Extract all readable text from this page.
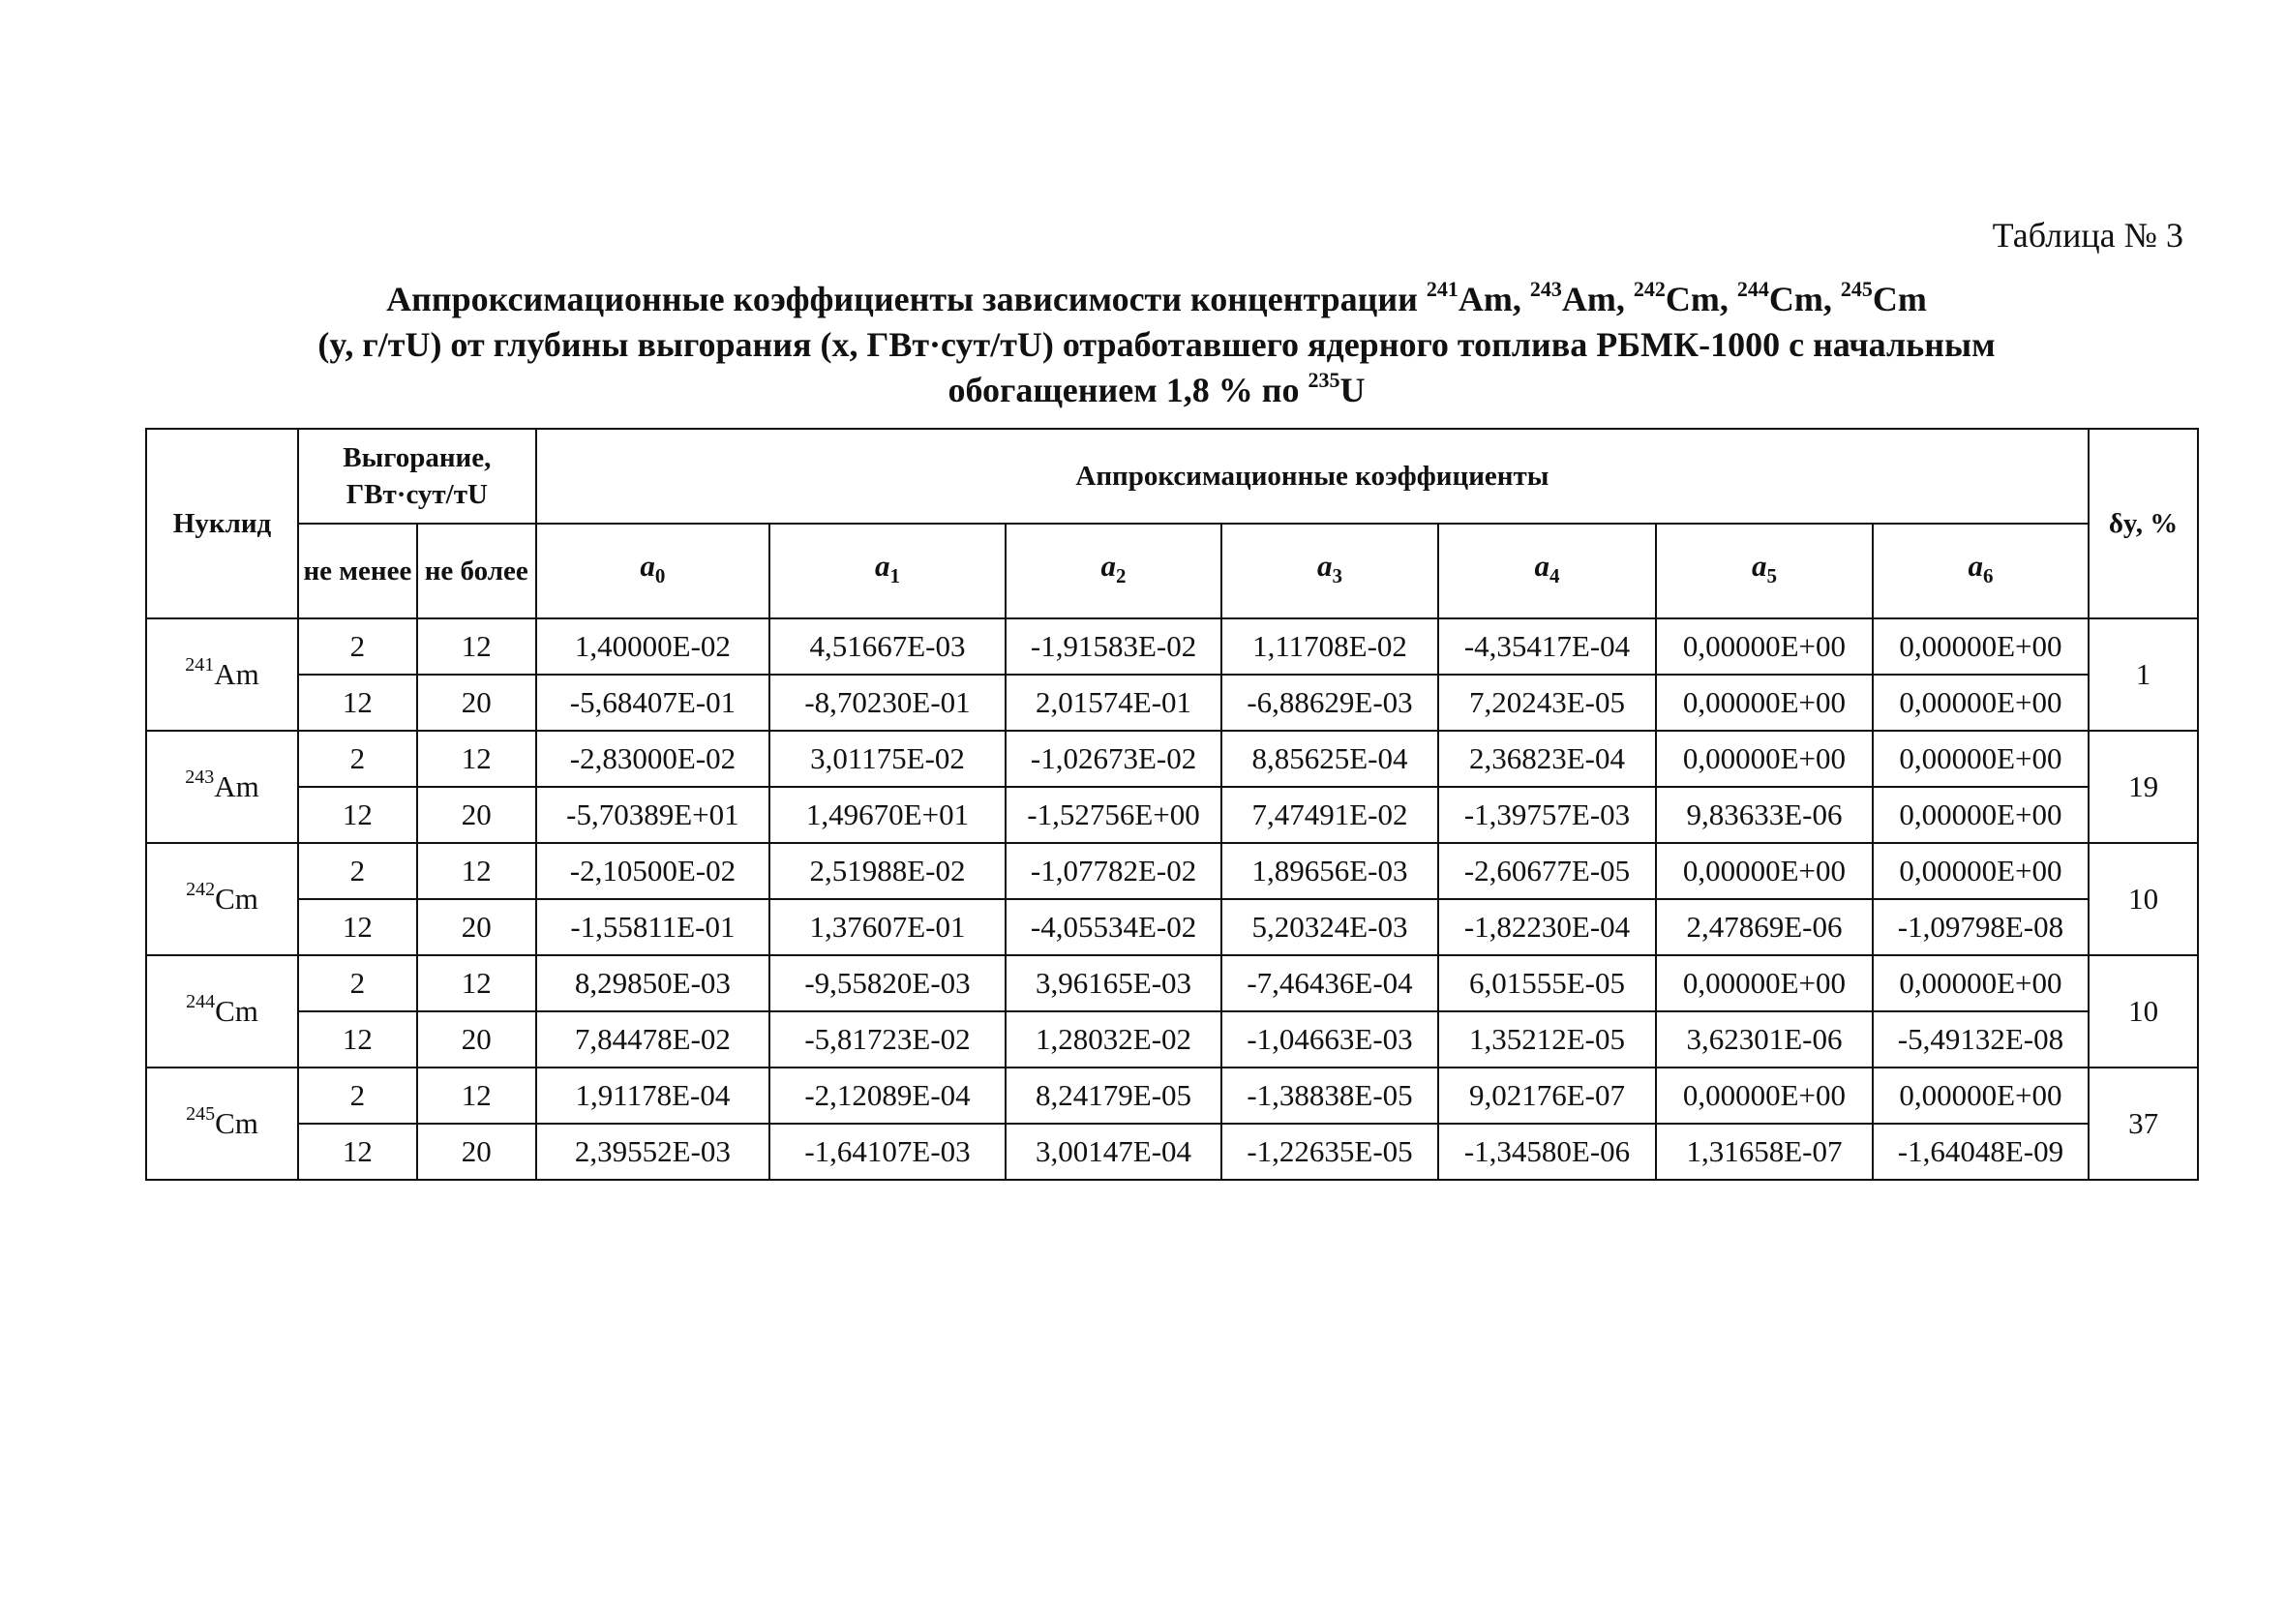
Таблица № 3
Аппроксимационные коэффициенты зависимости концентрации $^{241}$Am, $^{243}$Am, $^{242}$Cm, $^{244}$Cm, $^{245}$Cm
(y, г/тU) от глубины выгорания (x, ГВт·сут/тU) отработавшего ядерного топлива РБМК-1000 с начальным
обогащением 1,8 % по $^{235}$U
Нуклид	Выгорание, ГВт·сут/тU		Аппроксимационные коэффициенты							δy, %
	не менее	не более	$a_0$	$a_1$	$a_2$	$a_3$	$a_4$	$a_5$	$a_6$
$^{241}$Am	2	12	1,40000E-02	4,51667E-03	-1,91583E-02	1,11708E-02	-4,35417E-04	0,00000E+00	0,00000E+00	1
	12	20	-5,68407E-01	-8,70230E-01	2,01574E-01	-6,88629E-03	7,20243E-05	0,00000E+00	0,00000E+00	
$^{243}$Am	2	12	-2,83000E-02	3,01175E-02	-1,02673E-02	8,85625E-04	2,36823E-04	0,00000E+00	0,00000E+00	19
	12	20	-5,70389E+01	1,49670E+01	-1,52756E+00	7,47491E-02	-1,39757E-03	9,83633E-06	0,00000E+00	
$^{242}$Cm	2	12	-2,10500E-02	2,51988E-02	-1,07782E-02	1,89656E-03	-2,60677E-05	0,00000E+00	0,00000E+00	10
	12	20	-1,55811E-01	1,37607E-01	-4,05534E-02	5,20324E-03	-1,82230E-04	2,47869E-06	-1,09798E-08	
$^{244}$Cm	2	12	8,29850E-03	-9,55820E-03	3,96165E-03	-7,46436E-04	6,01555E-05	0,00000E+00	0,00000E+00	10
	12	20	7,84478E-02	-5,81723E-02	1,28032E-02	-1,04663E-03	1,35212E-05	3,62301E-06	-5,49132E-08	
$^{245}$Cm	2	12	1,91178E-04	-2,12089E-04	8,24179E-05	-1,38838E-05	9,02176E-07	0,00000E+00	0,00000E+00	37
	12	20	2,39552E-03	-1,64107E-03	3,00147E-04	-1,22635E-05	-1,34580E-06	1,31658E-07	-1,64048E-09	
